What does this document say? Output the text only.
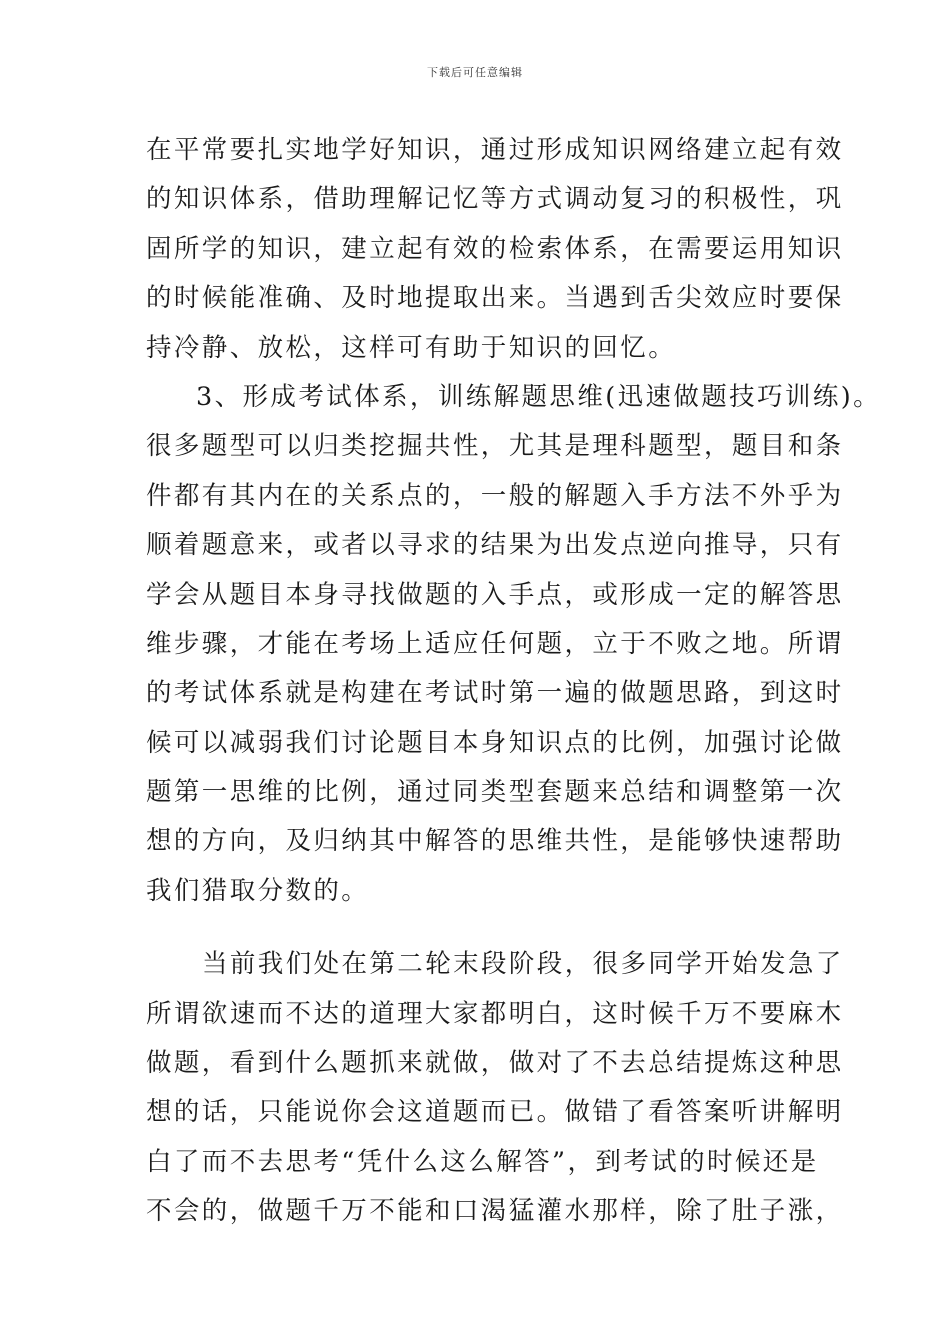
下载后可任意编辑
在平常要扎实地学好知识，通过形成知识网络建立起有效
的知识体系，借助理解记忆等方式调动复习的积极性，巩
固所学的知识，建立起有效的检索体系，在需要运用知识
的时候能准确、及时地提取出来。当遇到舌尖效应时要保
持冷静、放松，这样可有助于知识的回忆。
3、形成考试体系，训练解题思维(迅速做题技巧训练)。
很多题型可以归类挖掘共性，尤其是理科题型，题目和条
件都有其内在的关系点的，一般的解题入手方法不外乎为
顺着题意来，或者以寻求的结果为出发点逆向推导，只有
学会从题目本身寻找做题的入手点，或形成一定的解答思
维步骤，才能在考场上适应任何题，立于不败之地。所谓
的考试体系就是构建在考试时第一遍的做题思路，到这时
候可以减弱我们讨论题目本身知识点的比例，加强讨论做
题第一思维的比例，通过同类型套题来总结和调整第一次
想的方向，及归纳其中解答的思维共性，是能够快速帮助
我们猎取分数的。
当前我们处在第二轮末段阶段，很多同学开始发急了
所谓欲速而不达的道理大家都明白，这时候千万不要麻木
做题，看到什么题抓来就做，做对了不去总结提炼这种思
想的话，只能说你会这道题而已。做错了看答案听讲解明
白了而不去思考“凭什么这么解答”，到考试的时候还是
不会的，做题千万不能和口渴猛灌水那样，除了肚子涨，
